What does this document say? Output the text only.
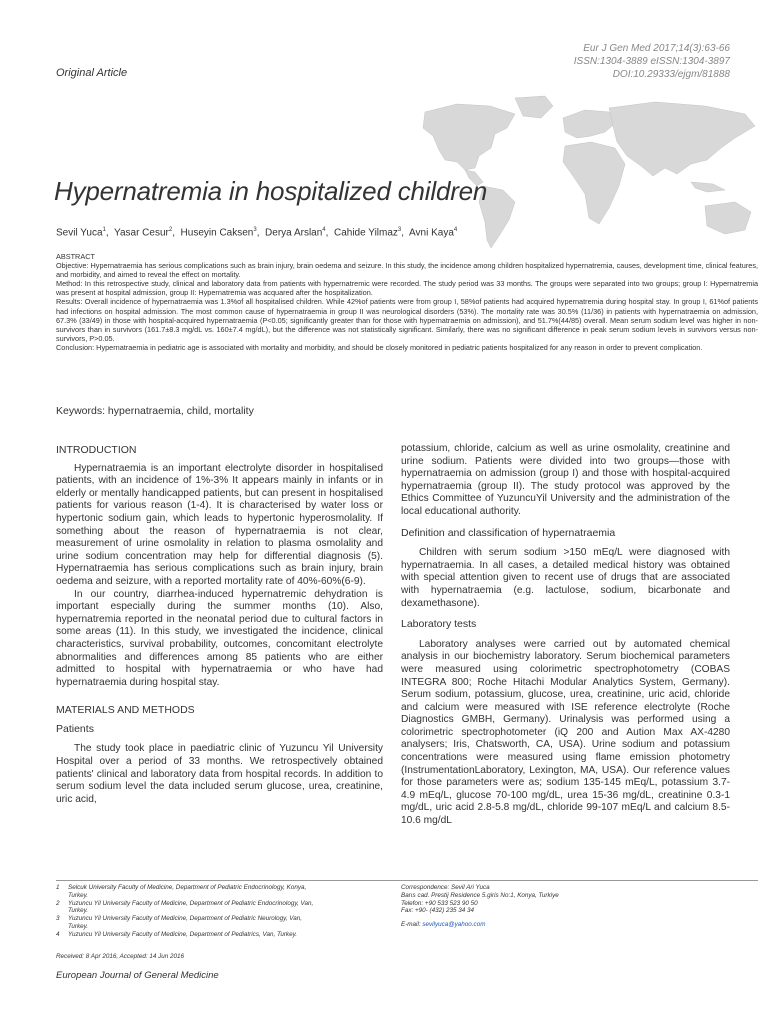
Eur J Gen Med 2017;14(3):63-66
ISSN:1304-3889 eISSN:1304-3897
DOI:10.29333/ejgm/81888
Original Article
Hypernatremia in hospitalized children
Sevil Yuca$^1$,  Yasar Cesur$^2$,  Huseyin Caksen$^3$,  Derya Arslan$^4$,  Cahide Yilmaz$^3$,  Avni Kaya$^4$

ABSTRACT

Objective: Hypernatraemia has serious complications such as brain injury, brain oedema and seizure. In this study, the incidence among children hospitalized hypernatremia, causes, development time, clinical features, and morbidity, and aimed to reveal the effect on mortality.

Method: In this retrospective study, clinical and laboratory data from patients with hypernatremic were recorded. The study period was 33 months. The groups were separated into two groups; group I: Hypernatremia was present at hospital admission, group II: Hypernatremia was acquared after the hospitalization.

Results: Overall incidence of hypernatraemia was 1.3%of all hospitalised children. While 42%of patients were from group I, 58%of patients had acquired hypernatremia during hospital stay. In group I, 61%of patients had infections on hospital admission. The most common cause of hypernatraemia in group II was neurological disorders (53%). The mortality rate was 30.5% (11/36) in patients with hypernatraemia on admission, 67.3% (33/49) in those with hospital-acquired hypernatraemia (P<0.05; significantly greater than for those with hypernatraemia on admission), and 51.7%(44/85) overall. Mean serum sodium level was higher in non-survivors than in survivors (161.7±8.3 mg/dL vs. 160±7.4 mg/dL), but the difference was not statistically significant. Similarly, there was no significant difference in peak serum sodium levels in survivors versus non-survivors, P>0.05.

Conclusion: Hypernatraemia in pediatric age is associated with mortality and morbidity, and should be closely monitored in pediatric patients hospitalized for any reason in order to prevent complication.

Keywords: hypernatraemia, child, mortality

INTRODUCTION

Hypernatraemia is an important electrolyte disorder in hospitalised patients, with an incidence of 1%-3% It appears mainly in infants or in elderly or mentally handicapped patients, but can present in hospitalised patients for various reason (1-4). It is characterised by water loss or hypertonic sodium gain, which leads to hypertonic hyperosmolality. If something about the reason of hypernatraemia is not clear, measurement of urine osmolality in relation to plasma osmolality and urine sodium concentration may help for differential diagnosis (5). Hypernatraemia has serious complications such as brain injury, brain oedema and seizure, with a reported mortality rate of 40%-60%(6-9).

In our country, diarrhea-induced hypernatremic dehydration is important especially during the summer months (10). Also, hypernatremia reported in the neonatal period due to cultural factors in some areas (11). In this study, we investigated the incidence, clinical characteristics, survival probability, outcomes, concomitant electrolyte abnormalities and differences among 85 patients who are either admitted to hospital with hypernatraemia or who have had hypernatraemia during hospital stay.

MATERIALS AND METHODS

Patients

The study took place in paediatric clinic of Yuzuncu Yil University Hospital over a period of 33 months. We retrospectively obtained patients' clinical and laboratory data from hospital records. In addition to serum sodium level the data included serum glucose, urea, creatinine, uric acid,

potassium, chloride, calcium as well as urine osmolality, creatinine and urine sodium. Patients were divided into two groups—those with hypernatraemia on admission (group I) and those with hospital-acquired hypernatraemia (group II). The study protocol was approved by the Ethics Committee of YuzuncuYil University and the administration of the local educational authority.

Definition and classification of hypernatraemia

Children with serum sodium >150 mEq/L were diagnosed with hypernatraemia. In all cases, a detailed medical history was obtained with special attention given to recent use of drugs that are associated with hypernatraemia (e.g. lactulose, sodium, bicarbonate and dexamethasone).

Laboratory tests

Laboratory analyses were carried out by automated chemical analysis in our biochemistry laboratory. Serum biochemical parameters were measured using colorimetric spectrophotometry (COBAS INTEGRA 800; Roche Hitachi Modular Analytics System, Germany). Serum sodium, potassium, glucose, urea, creatinine, uric acid, chloride and calcium were measured with ISE reference electrolyte (Roche Diagnostics GMBH, Germany). Urinalysis was performed using a colorimetric spectrophotometer (iQ 200 and Aution Max AX-4280 analysers; Iris, Chatsworth, CA, USA). Urine sodium and potassium concentrations were measured using flame emission photometry (InstrumentationLaboratory, Lexington, MA, USA). Our reference values for those parameters were as; sodium 135-145 mEq/L, potassium 3.7-4.9 mEq/L, glucose 70-100 mg/dL, urea 15-36 mg/dL, creatinine 0.3-1 mg/dL, uric acid 2.8-5.8 mg/dL, chloride 99-107 mEq/L and calcium 8.5-10.6 mg/dL

1 Selcuk University Faculty of Medicine, Department of Pediatric Endocrinology, Konya,
Turkey.
2 Yuzuncu Yil University Faculty of Medicine, Department of Pediatric Endocrinology, Van,
Turkey.
3 Yuzuncu Yil University Faculty of Medicine, Department of Pediatric Neurology, Van,
Turkey.
4 Yuzuncu Yil University Faculty of Medicine, Department of Pediatrics, Van, Turkey.
Correspondence: Sevil Ari Yuca
Barıs cad. Prestij Residence 5.giris No:1, Konya, Turkiye
Telefon: +90 533 523 90 50
Fax: +90- (432) 235 34 34
E-mail: sevilyuca@yahoo.com
Received: 8 Apr 2016, Accepted: 14 Jun 2016
European Journal of General Medicine
